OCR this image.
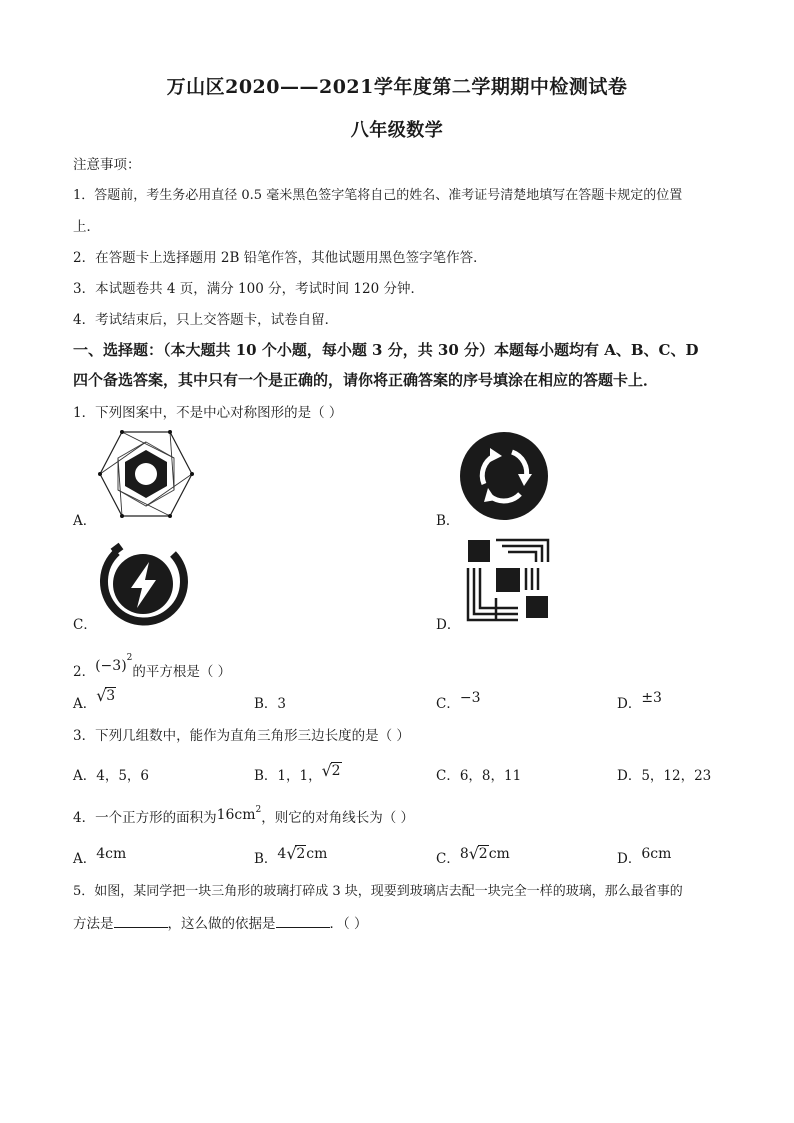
万山区2020——2021学年度第二学期期中检测试卷
八年级数学
注意事项：
1．答题前，考生务必用直径 0.5 毫米黑色签字笔将自己的姓名、准考证号清楚地填写在答题卡规定的位置
上．
2．在答题卡上选择题用 2B 铅笔作答，其他试题用黑色签字笔作答．
3．本试题卷共 4 页，满分 100 分，考试时间 120 分钟．
4．考试结束后，只上交答题卡，试卷自留．
一、选择题：（本大题共 10 个小题，每小题 3 分，共 30 分）本题每小题均有 A、B、C、D
四个备选答案，其中只有一个是正确的，请你将正确答案的序号填涂在相应的答题卡上．
1．下列图案中，不是中心对称图形的是（ ）
A．	B．
C．	D．
2．$(-3)^2$的平方根是（ ）
A． √ 3	B．3	C．−3	D．±3
3．下列几组数中，能作为直角三角形三边长度的是（ ）
A．4，5，6	B．1，1， √ 2	C．6，8，11	D．5，12，23
4．一个正方形的面积为$16cm^2$，则它的对角线长为（ ）
A．4cm	B．4 √ 2cm	C．8 √ 2cm	D．6cm
5．如图，某同学把一块三角形的玻璃打碎成 3 块，现要到玻璃店去配一块完全一样的玻璃，那么最省事的
方法是	，这么做的依据是	．（ ）
